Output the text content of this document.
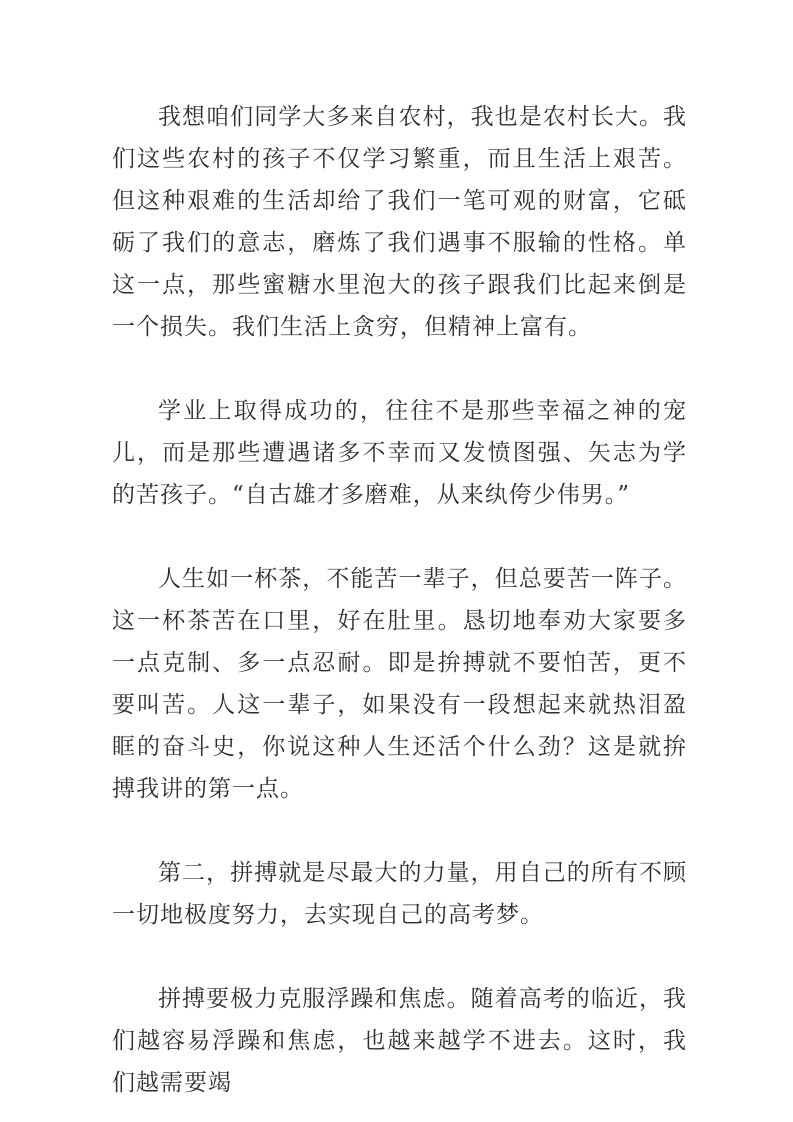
我想咱们同学大多来自农村，我也是农村长大。我们这些农村的孩子不仅学习繁重，而且生活上艰苦。但这种艰难的生活却给了我们一笔可观的财富，它砥砺了我们的意志，磨炼了我们遇事不服输的性格。单这一点，那些蜜糖水里泡大的孩子跟我们比起来倒是一个损失。我们生活上贪穷，但精神上富有。

学业上取得成功的，往往不是那些幸福之神的宠儿，而是那些遭遇诸多不幸而又发愤图强、矢志为学的苦孩子。“自古雄才多磨难，从来纨侉少伟男。”

人生如一杯茶，不能苦一辈子，但总要苦一阵子。这一杯茶苦在口里，好在肚里。恳切地奉劝大家要多一点克制、多一点忍耐。即是拚搏就不要怕苦，更不要叫苦。人这一辈子，如果没有一段想起来就热泪盈眶的奋斗史，你说这种人生还活个什么劲？这是就拚搏我讲的第一点。

第二，拼搏就是尽最大的力量，用自己的所有不顾一切地极度努力，去实现自己的高考梦。

拼搏要极力克服浮躁和焦虑。随着高考的临近，我们越容易浮躁和焦虑，也越来越学不进去。这时，我们越需要竭
